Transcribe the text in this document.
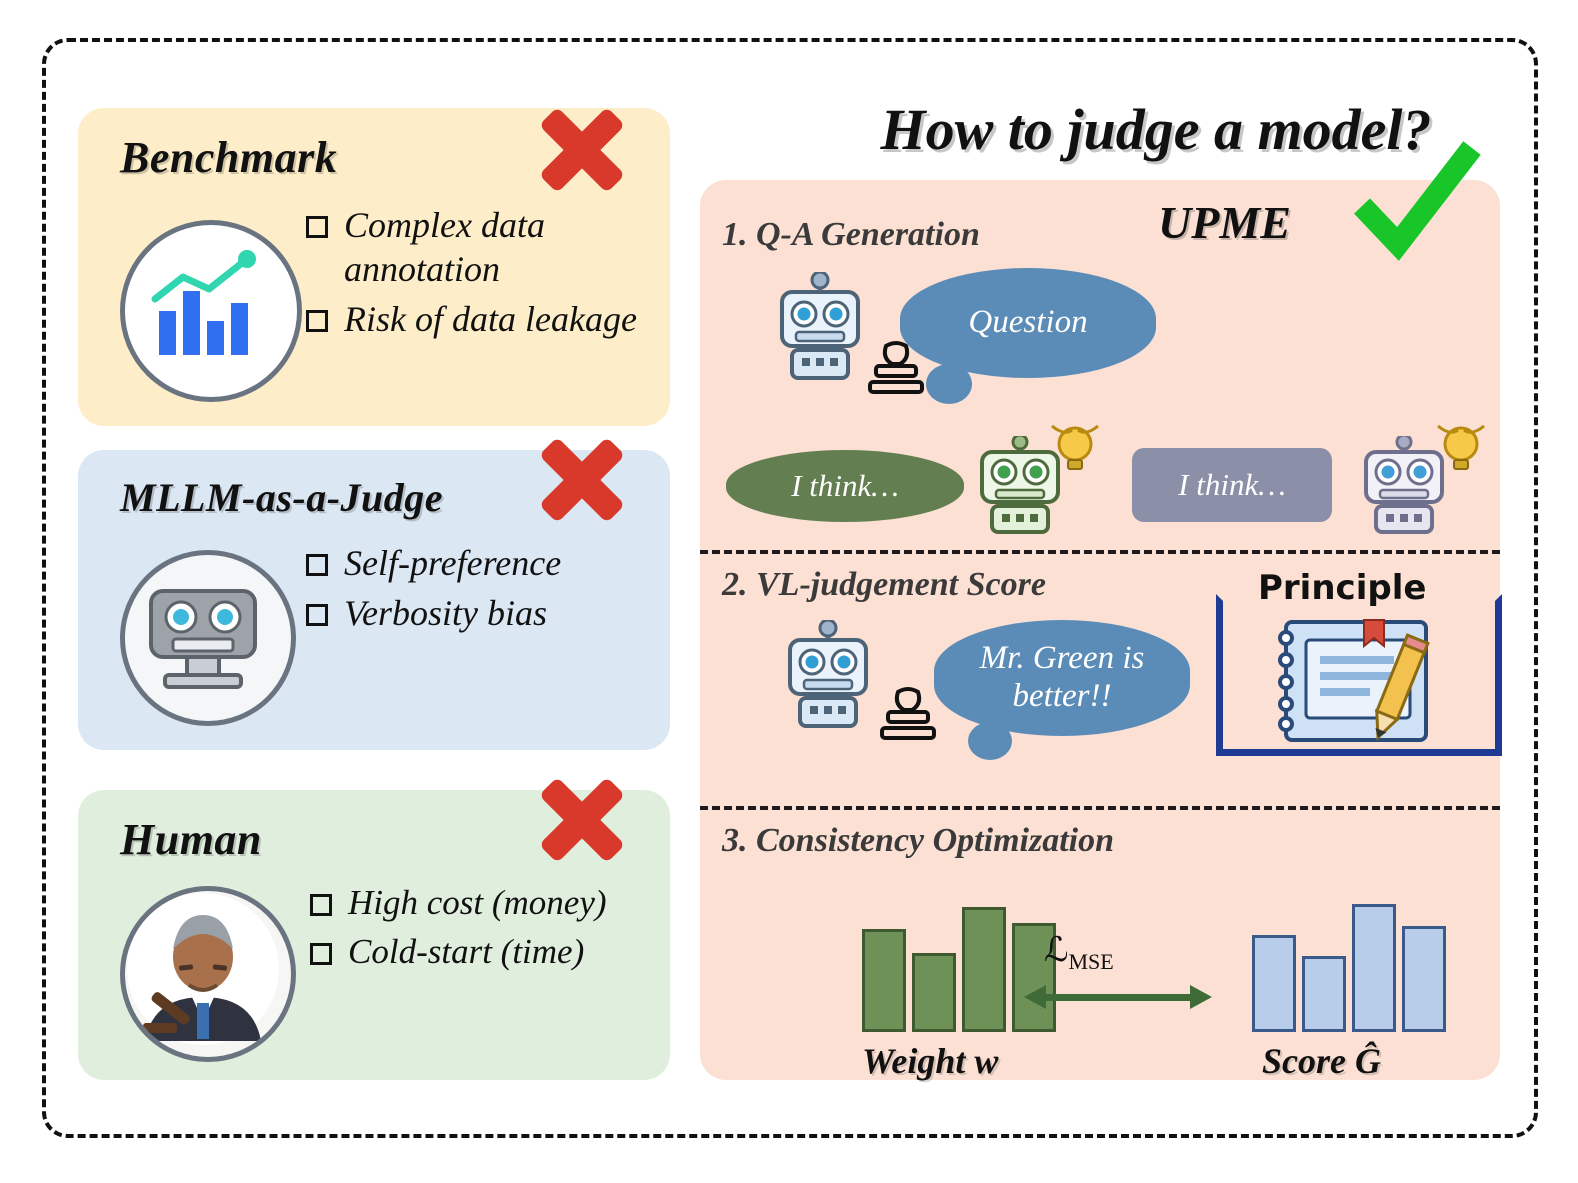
Benchmark
Complex data annotation
Risk of data leakage
MLLM-as-a-Judge
Self-preference
Verbosity bias
Human
High cost (money)
Cold-start (time)
How to judge a model?
UPME
1. Q-A Generation
Question
I think…	I think…
2. VL-judgement Score
Mr. Green is better!!
Principle
3. Consistency Optimization
Weight w
ℒ$_{MSE}$
Score Ĝ
